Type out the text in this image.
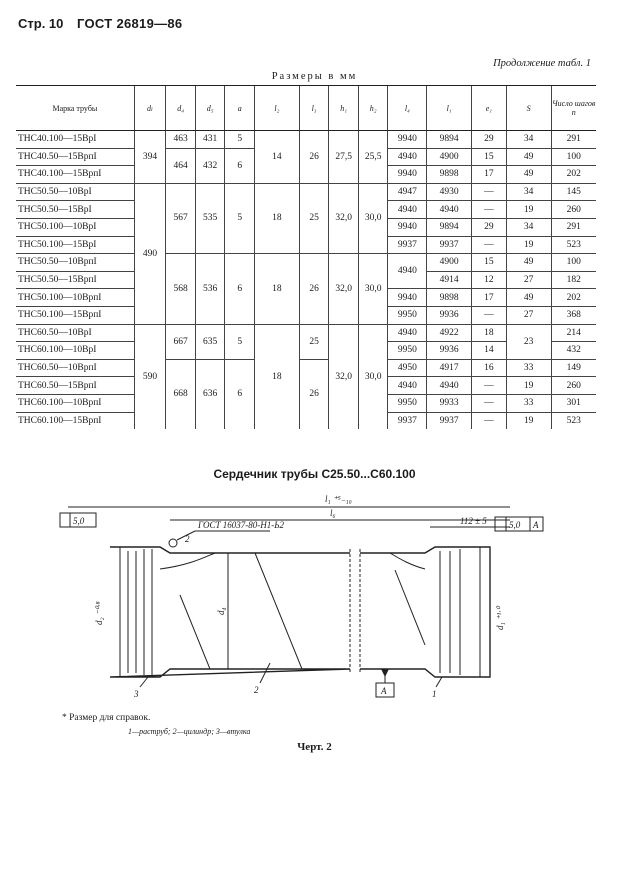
Стр. 10 ГОСТ 26819—86
Продолжение табл. 1
Размеры в мм
Марка трубы	dₗ	d₄	d₅	a	l₂	l₃	h₁	h₂	l₄	l₁	e₁	S	Число шагов n
ТНС40.100—15ВрI	394	463	431	5	14	26	27,5	25,5	9940	9894	29	34	291
ТНС40.50—15ВрпI		464	432	6					4940	4900	15	49	100
ТНС40.100—15ВрпI									9940	9898	17	49	202
ТНС50.50—10ВрI	490	567	535	5	18	25	32,0	30,0	4947	4930	—	34	145
ТНС50.50—15ВрI									4940	4940	—	19	260
ТНС50.100—10ВрI									9940	9894	29	34	291
ТНС50.100—15ВрI									9937	9937	—	19	523
ТНС50.50—10ВрпI		568	536	6	18	26	32,0	30,0	4940	4900	15	49	100
ТНС50.50—15ВрпI										4914	12	27	182
ТНС50.100—10ВрпI									9940	9898	17	49	202
ТНС50.100—15ВрпI									9950	9936	—	27	368
ТНС60.50—10ВрI	590	667	635	5	18	25	32,0	30,0	4940	4922	18	23	214
ТНС60.100—10ВрI									9950	9936	14		432
ТНС60.50—10ВрпI		668	636	6		26			4950	4917	16	33	149
ТНС60.50—15ВрпI									4940	4940	—	19	260
ТНС60.100—10ВрпI									9950	9933	—	33	301
ТНС60.100—15ВрпI									9937	9937	—	19	523
Сердечник трубы С25.50...С60.100
l₁ ⁺⁵₋₁₀
l₆
112 ± 5
ГОСТ 16037-80-Н1-Ь2
5,0	5,0 A
A
2
3	2	1
d₂ ⁻⁰·⁸	d₄	d₁ ⁺¹·⁰
* Размер для справок.
1—раструб; 2—цилиндр; 3—втулка
Черт. 2
